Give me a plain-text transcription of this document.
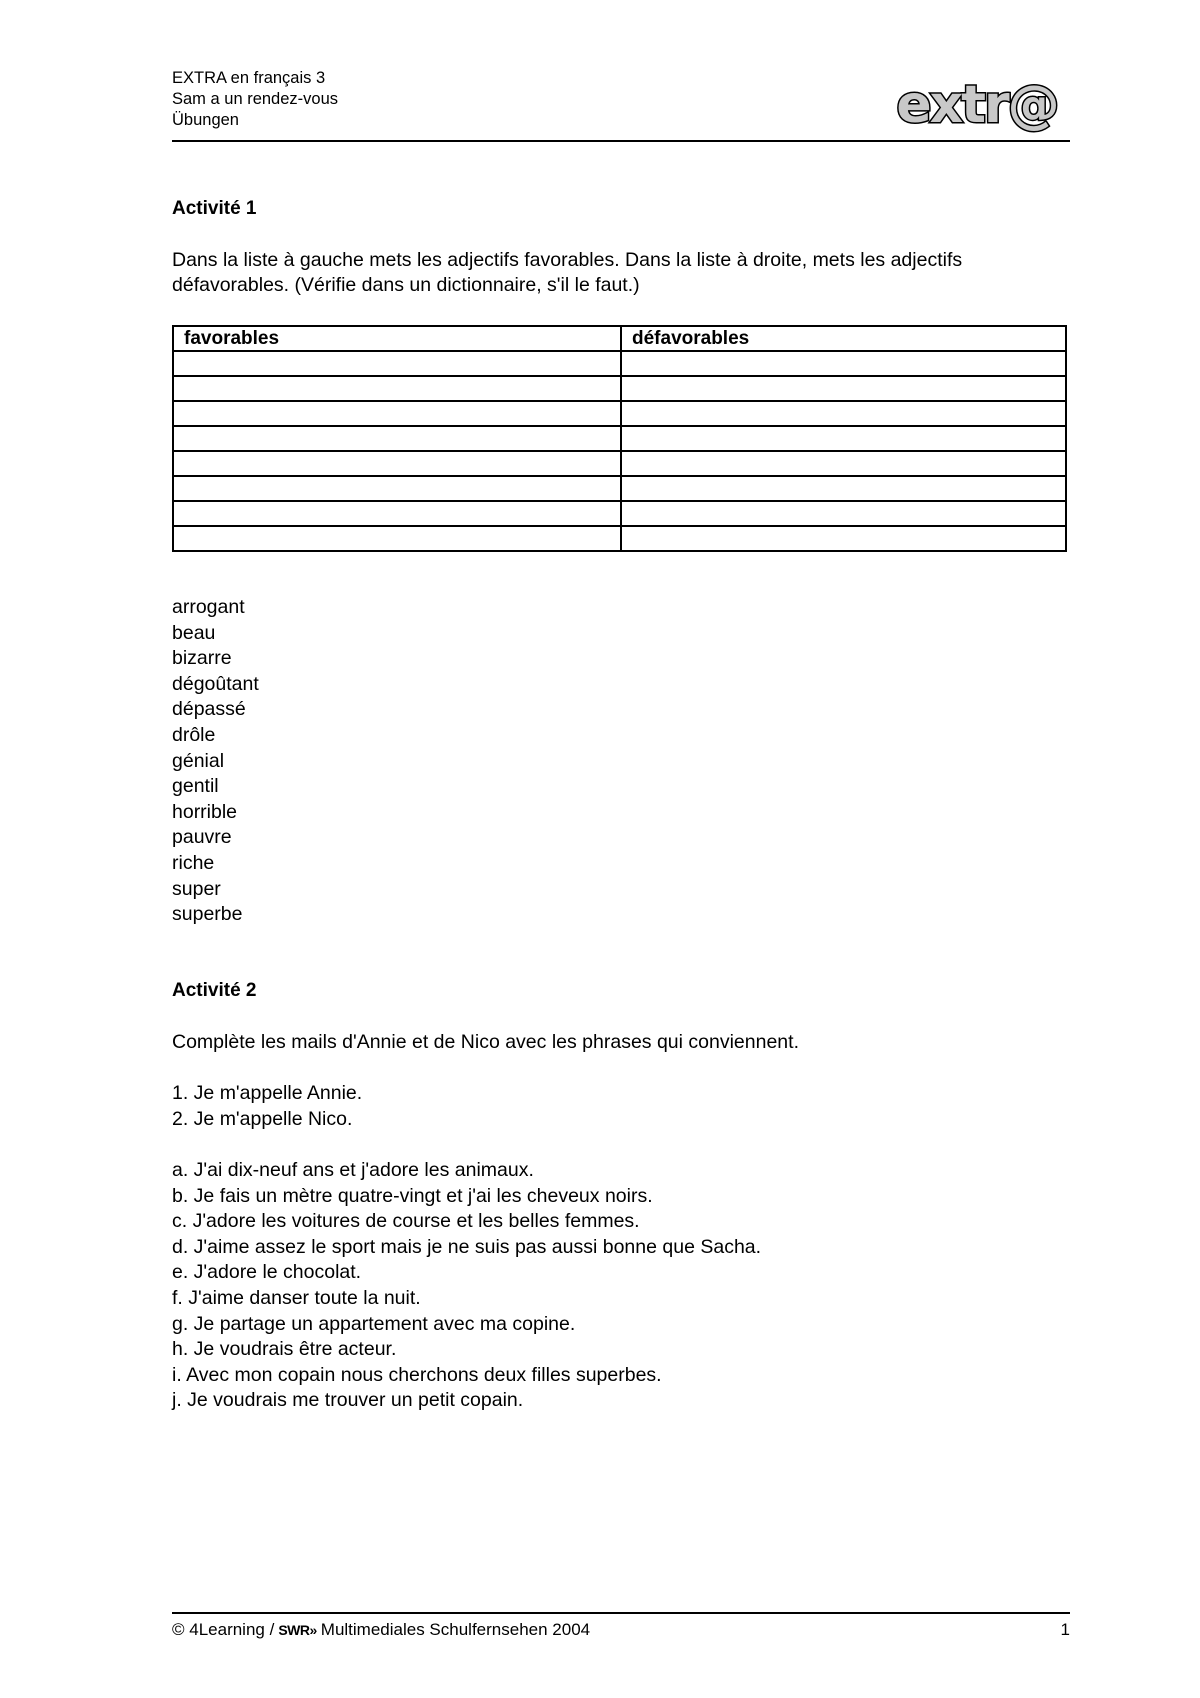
EXTRA en français 3
Sam a un rendez-vous
Übungen	extr@
Activité 1
Dans la liste à gauche mets les adjectifs favorables. Dans la liste à droite, mets les adjectifs défavorables. (Vérifie dans un dictionnaire, s'il le faut.)
favorables	défavorables

arrogant
beau
bizarre
dégoûtant
dépassé
drôle
génial
gentil
horrible
pauvre
riche
super
superbe
Activité 2
Complète les mails d'Annie et de Nico avec les phrases qui conviennent.
1. Je m'appelle Annie.
2. Je m'appelle Nico.
a. J'ai dix-neuf ans et j'adore les animaux.
b. Je fais un mètre quatre-vingt et j'ai les cheveux noirs.
c. J'adore les voitures de course et les belles femmes.
d. J'aime assez le sport mais je ne suis pas aussi bonne que Sacha.
e. J'adore le chocolat.
f. J'aime danser toute la nuit.
g. Je partage un appartement avec ma copine.
h. Je voudrais être acteur.
i. Avec mon copain nous cherchons deux filles superbes.
j. Je voudrais me trouver un petit copain.
© 4Learning / SWR» Multimediales Schulfernsehen 2004	1
